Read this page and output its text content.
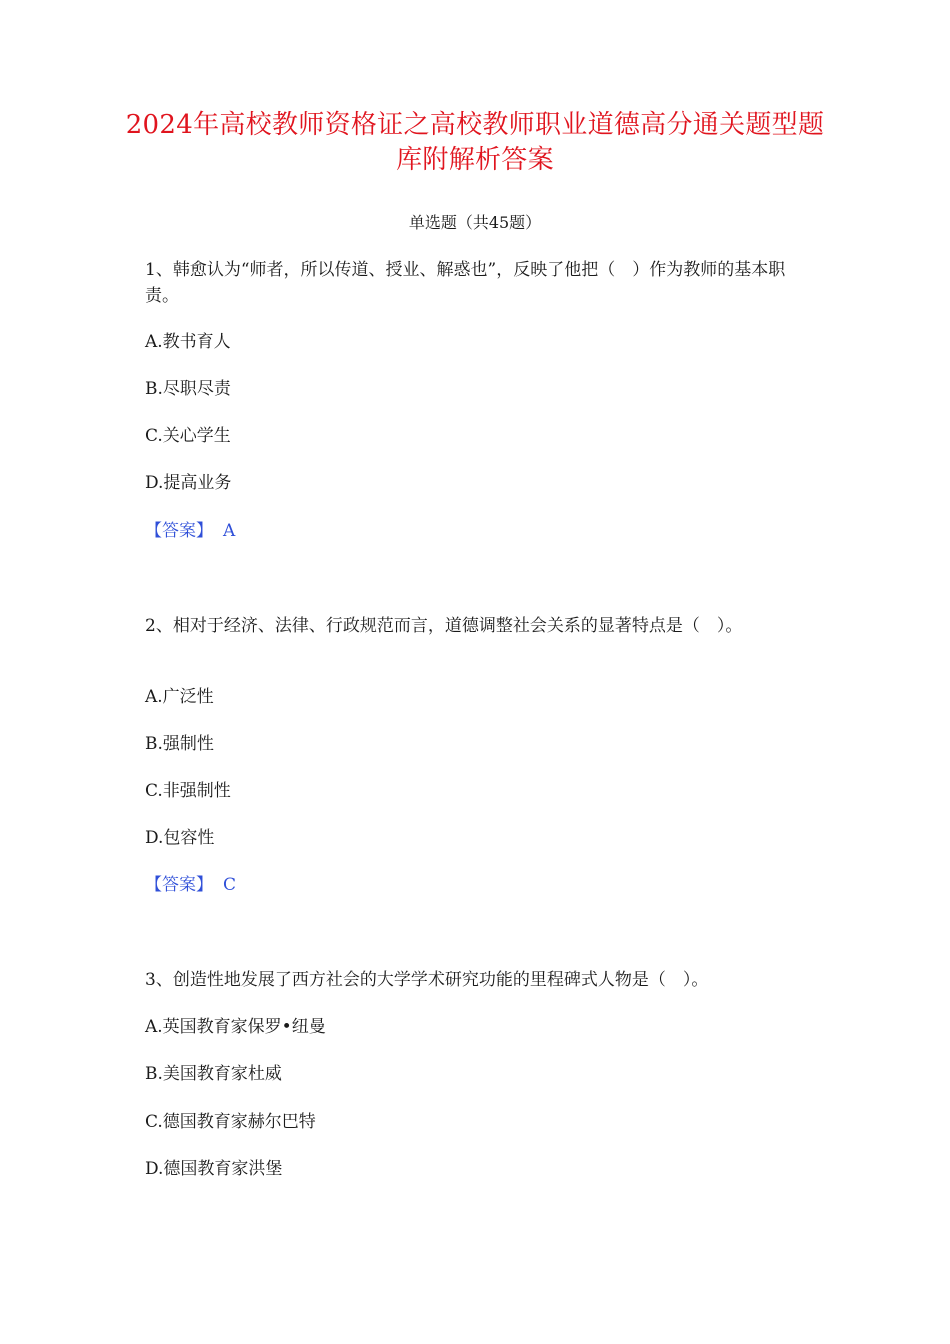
2024年高校教师资格证之高校教师职业道德高分通关题型题库附解析答案
单选题（共45题）
1、韩愈认为“师者，所以传道、授业、解惑也”，反映了他把（　）作为教师的基本职责。
A.教书育人
B.尽职尽责
C.关心学生
D.提高业务
【答案】 A
2、相对于经济、法律、行政规范而言，道德调整社会关系的显著特点是（　）。
A.广泛性
B.强制性
C.非强制性
D.包容性
【答案】 C
3、创造性地发展了西方社会的大学学术研究功能的里程碑式人物是（　）。
A.英国教育家保罗•纽曼
B.美国教育家杜威
C.德国教育家赫尔巴特
D.德国教育家洪堡
